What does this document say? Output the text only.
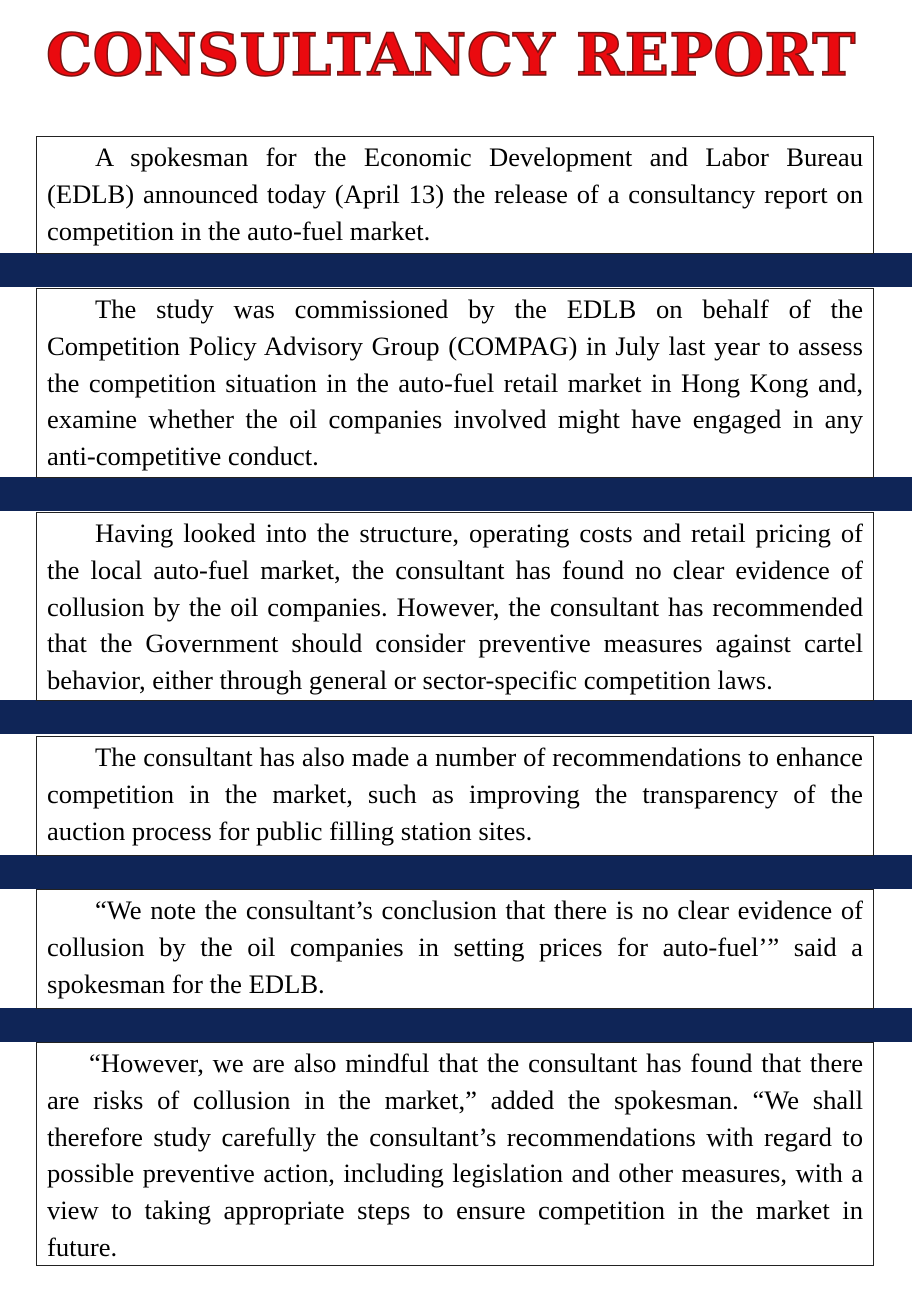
CONSULTANCY REPORT

A spokesman for the Economic Development and Labor Bureau (EDLB) announced today (April 13) the release of a consultancy report on competition in the auto-fuel market.

The study was commissioned by the EDLB on behalf of the Competition Policy Advisory Group (COMPAG) in July last year to assess the competition situation in the auto-fuel retail market in Hong Kong and, examine whether the oil companies involved might have engaged in any anti-competitive conduct.

Having looked into the structure, operating costs and retail pricing of the local auto-fuel market, the consultant has found no clear evidence of collusion by the oil companies. However, the consultant has recommended that the Government should consider preventive measures against cartel behavior, either through general or sector-specific competition laws.

The consultant has also made a number of recommendations to enhance competition in the market, such as improving the transparency of the auction process for public filling station sites.

“We note the consultant’s conclusion that there is no clear evidence of collusion by the oil companies in setting prices for auto-fuel’” said a spokesman for the EDLB.

“However, we are also mindful that the consultant has found that there are risks of collusion in the market,” added the spokesman. “We shall therefore study carefully the consultant’s recommendations with regard to possible preventive action, including legislation and other measures, with a view to taking appropriate steps to ensure competition in the market in future.
